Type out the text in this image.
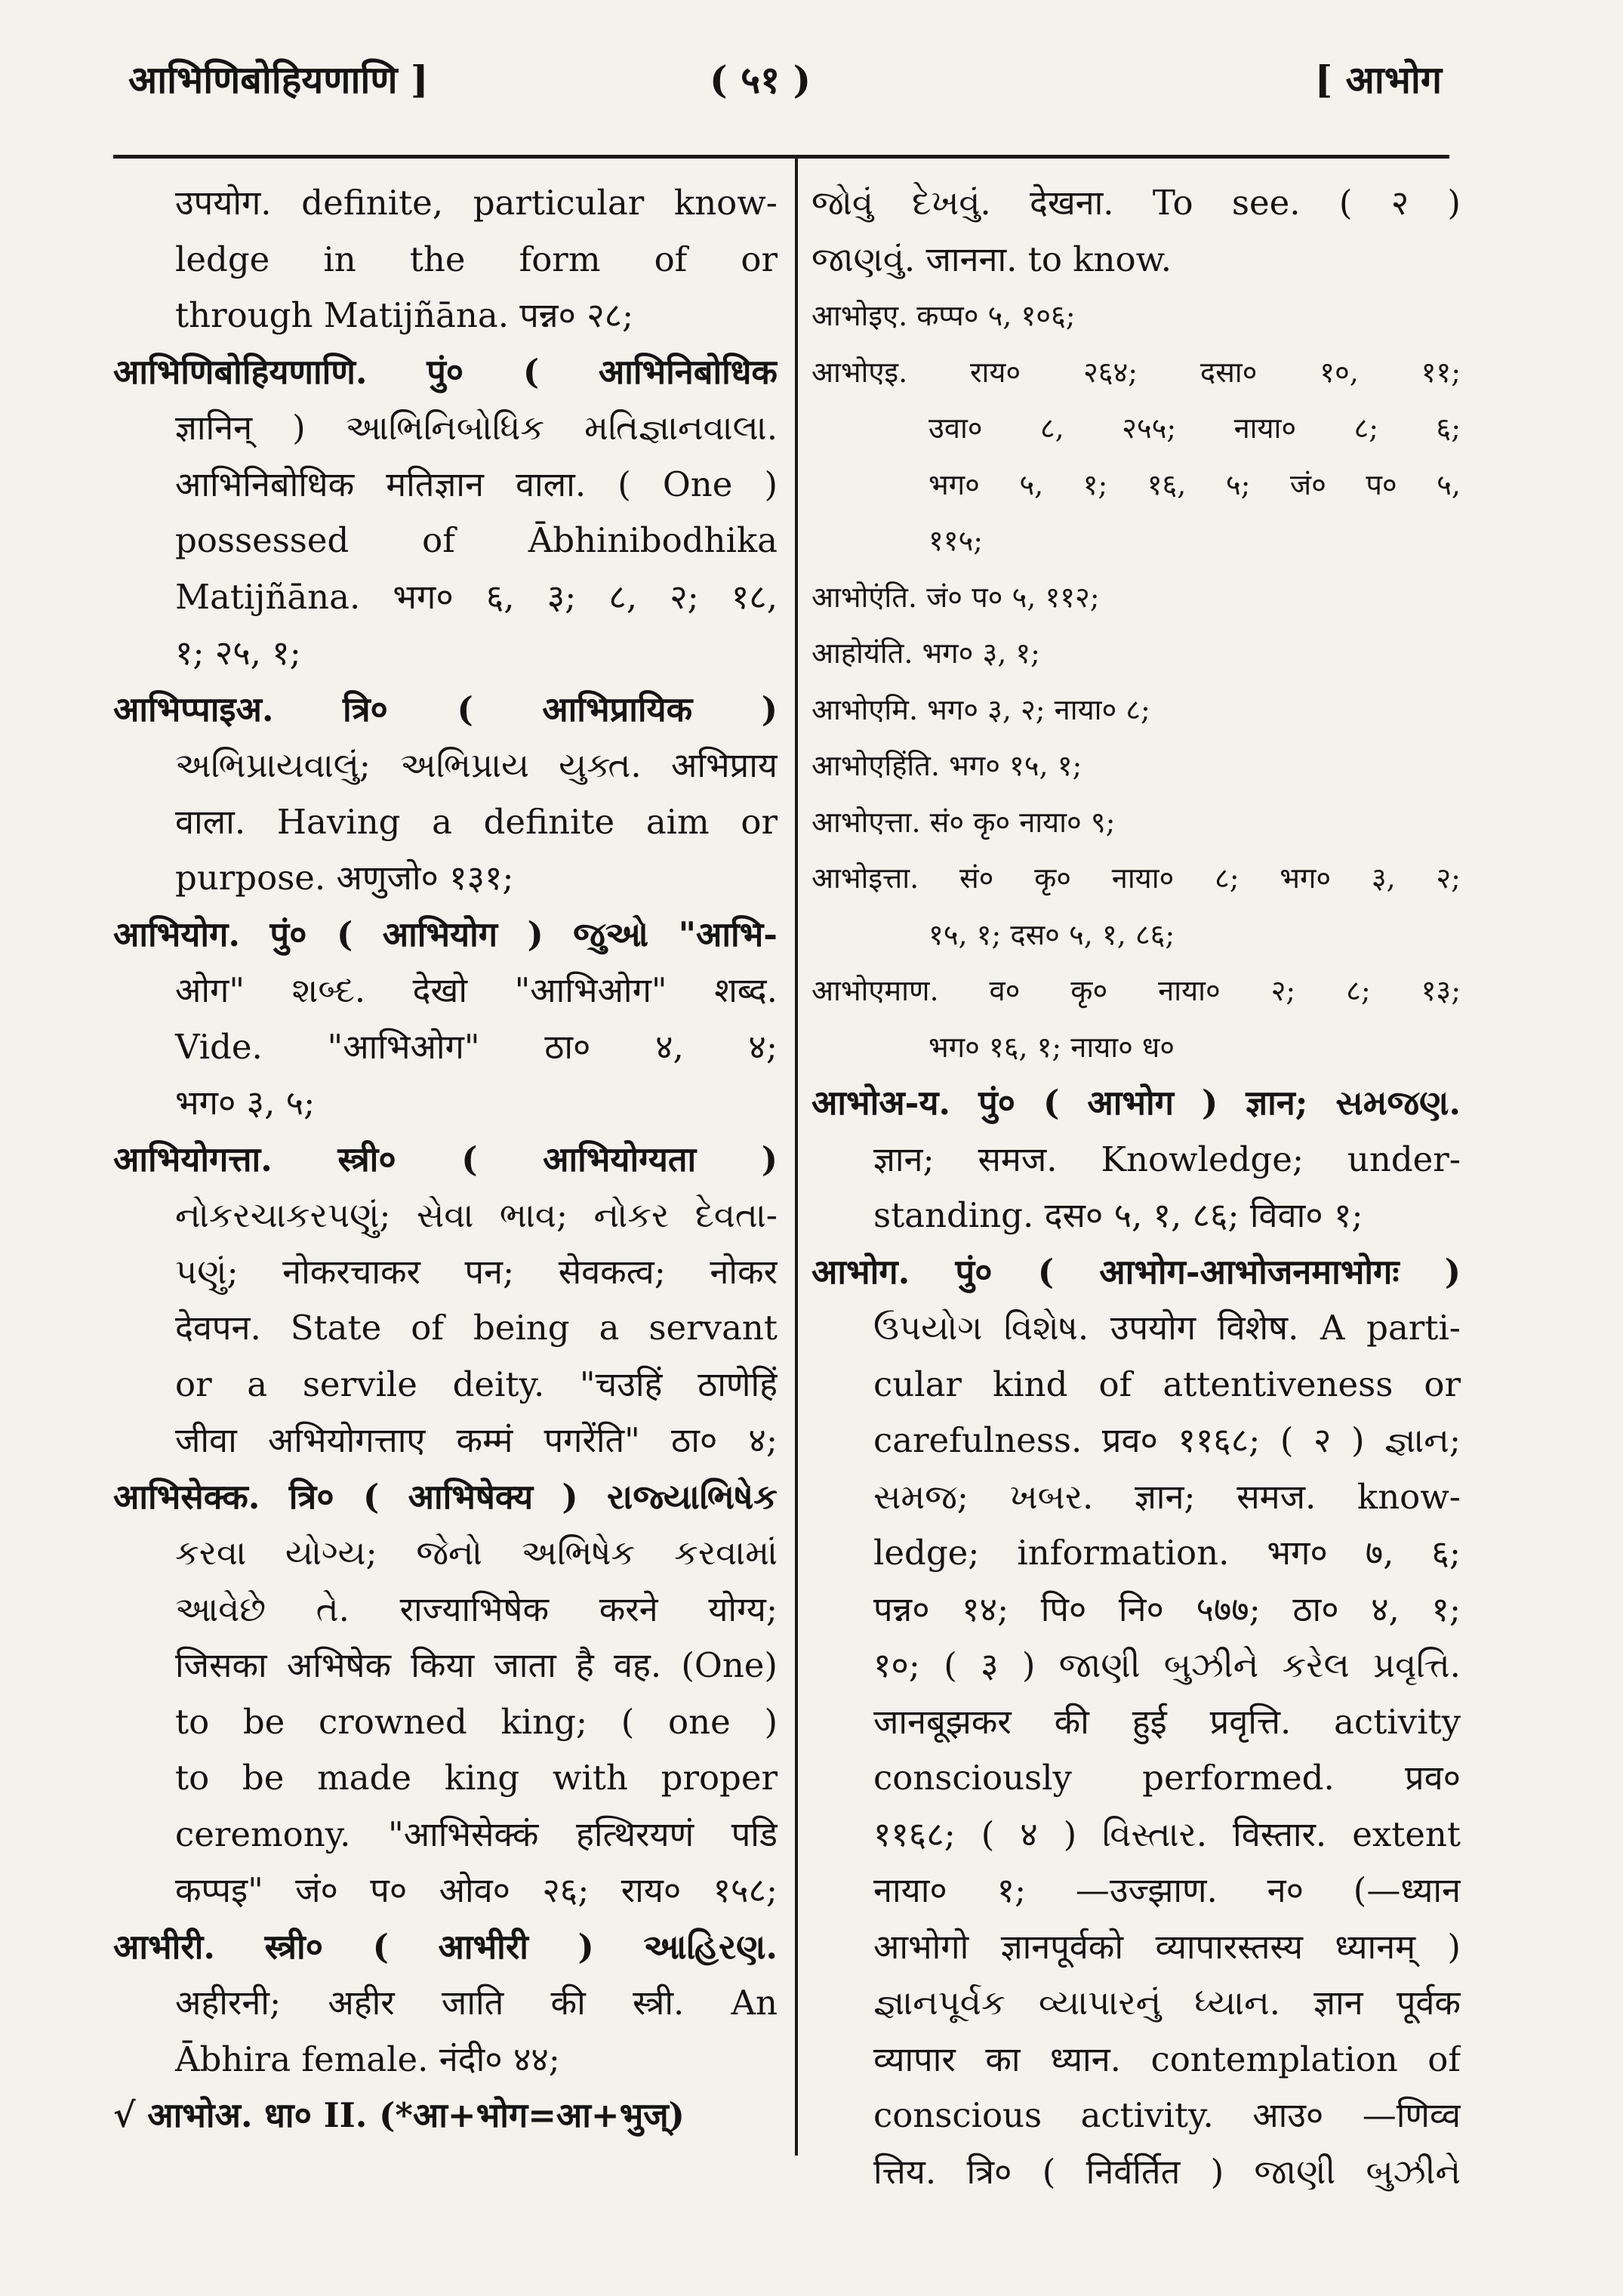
आभिणिबोहियणाणि ]	( ५१ )	[ आभोग
उपयोग. definite, particular know-
ledge in the form of or
through Matijñāna. पन्न० २८;
आभिणिबोहियणाणि. पुं० ( आभिनिबोधिक
ज्ञानिन् ) આભિનિબોધિક મતિજ્ઞાનવાલા.
आभिनिबोधिक मतिज्ञान वाला. ( One )
possessed of Ābhinibodhika
Matijñāna. भग० ६, ३; ८, २; १८,
१; २५, १;
आभिप्पाइअ. त्रि० ( आभिप्रायिक )
અભિપ્રાયવાલું; અભિપ્રાય યુક્ત. अभिप्राय
वाला. Having a definite aim or
purpose. अणुजो० १३१;
आभियोग. पुं० ( आभियोग ) જુઓ "आभि-
ओग" શબ્દ. देखो "आभिओग" शब्द.
Vide. "आभिओग" ठा० ४, ४;
भग० ३, ५;
आभियोगत्ता. स्त्री० ( आभियोग्यता )
નોકરચાકરપણું; સેવા ભાવ; નોકર દેવતા-
પણું; नोकरचाकर पन; सेवकत्व; नोकर
देवपन. State of being a servant
or a servile deity. "चउहिं ठाणेहिं
जीवा अभियोगत्ताए कम्मं पगरेंति" ठा० ४;
आभिसेक्क. त्रि० ( आभिषेक्य ) રાજ્યાભિષેક
કરવા યોગ્ય; જેનો અભિષેક કરવામાં
આવેછે તે. राज्याभिषेक करने योग्य;
जिसका अभिषेक किया जाता है वह. (One)
to be crowned king; ( one )
to be made king with proper
ceremony. "आभिसेक्कं हत्थिरयणं पडि
कप्पइ" जं० प० ओव० २६; राय० १५८;
आभीरी. स्त्री० ( आभीरी ) આહિરણ.
अहीरनी; अहीर जाति की स्त्री. An
Ābhira female. नंदी० ४४;
√ आभोअ. धा० II. (*आ+भोग=आ+भुज्)
જોવું દેખવું. देखना. To see. ( २ )
જાણવું. जानना. to know.
आभोइए. कप्प० ५, १०६;
आभोएइ. राय० २६४; दसा० १०, ११;
उवा० ८, २५५; नाया० ८; ६;
भग० ५, १; १६, ५; जं० प० ५,
११५;
आभोएंति. जं० प० ५, ११२;
आहोयंति. भग० ३, १;
आभोएमि. भग० ३, २; नाया० ८;
आभोएहिंति. भग० १५, १;
आभोएत्ता. सं० कृ० नाया० ९;
आभोइत्ता. सं० कृ० नाया० ८; भग० ३, २;
१५, १; दस० ५, १, ८६;
आभोएमाण. व० कृ० नाया० २; ८; १३;
भग० १६, १; नाया० ध०
आभोअ-य. पुं० ( आभोग ) ज्ञान; સમજણ.
ज्ञान; समज. Knowledge; under-
standing. दस० ५, १, ८६; विवा० १;
आभोग. पुं० ( आभोग-आभोजनमाभोगः )
ઉપયોગ વિશેષ. उपयोग विशेष. A parti-
cular kind of attentiveness or
carefulness. प्रव० ११६८; ( २ ) જ્ઞાન;
સમજ; ખબર. ज्ञान; समज. know-
ledge; information. भग० ७, ६;
पन्न० १४; पि० नि० ५७७; ठा० ४, १;
१०; ( ३ ) જાણી બુઝીને કરેલ પ્રવૃત્તિ.
जानबूझकर की हुई प्रवृत्ति. activity
consciously performed. प्रव०
११६८; ( ४ ) વિસ્તાર. विस्तार. extent
नाया० १; —उज्झाण. न० (—ध्यान
आभोगो ज्ञानपूर्वको व्यापारस्तस्य ध्यानम् )
જ્ઞાનપૂર્વક વ્યાપારનું ધ્યાન. ज्ञान पूर्वक
व्यापार का ध्यान. contemplation of
conscious activity. आउ० —णिव्व
त्तिय. त्रि० ( निर्वर्तित ) જાણી બુઝીને
